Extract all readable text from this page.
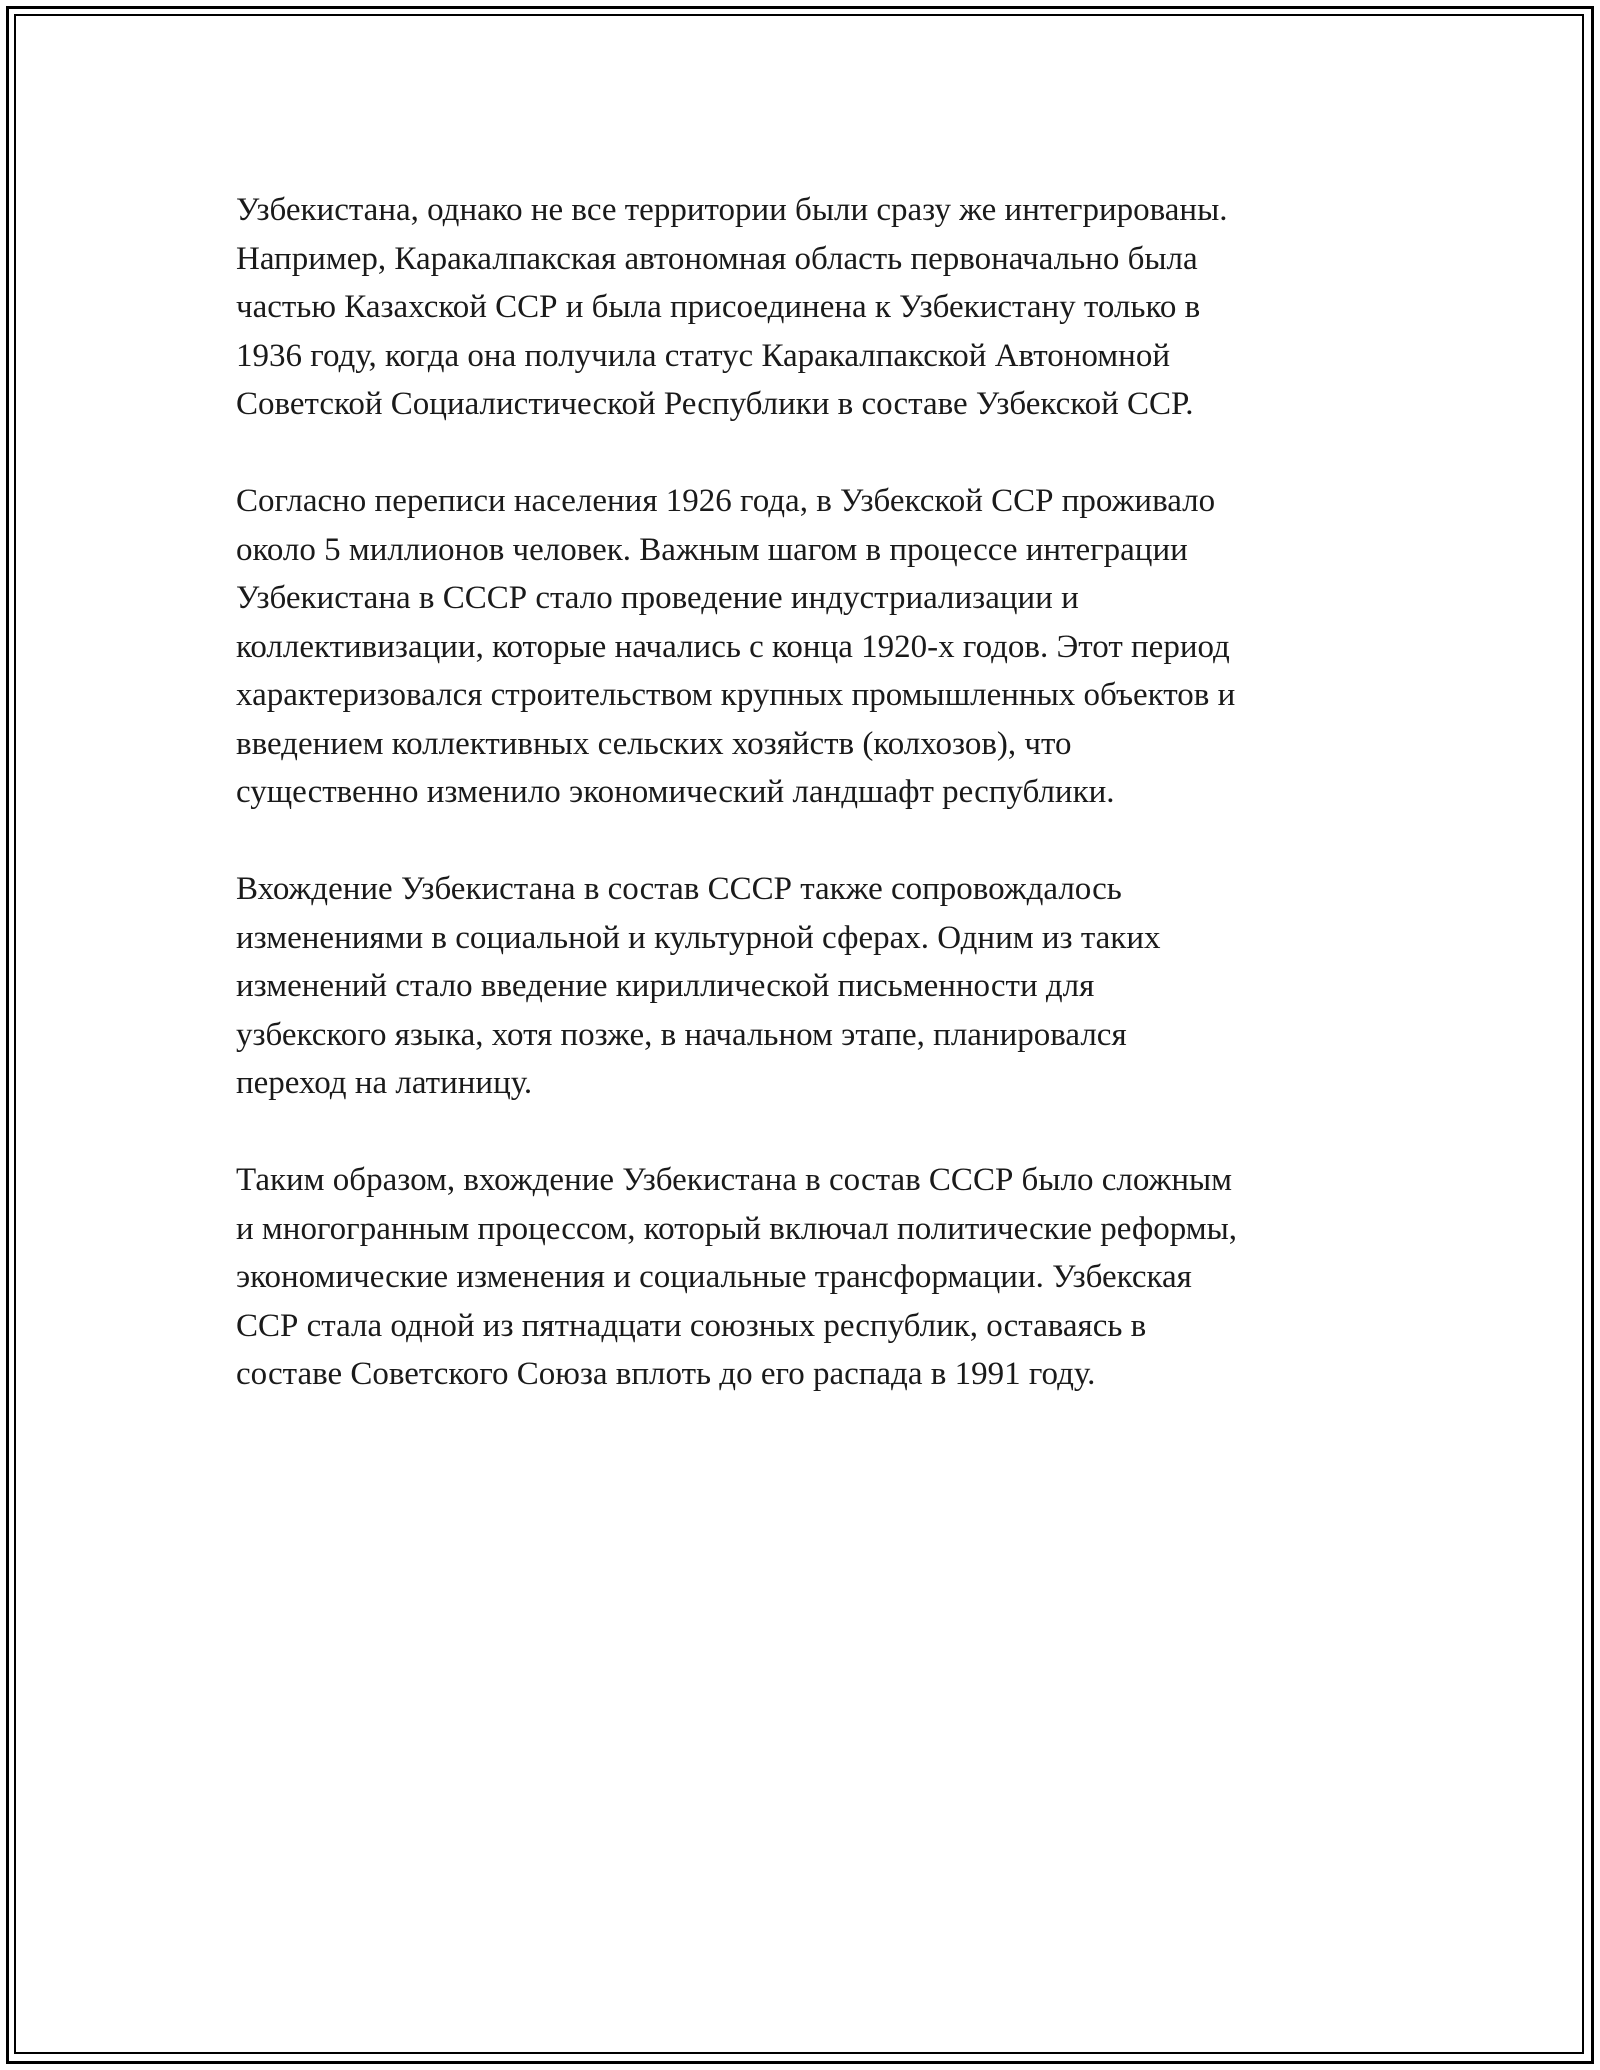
Узбекистана, однако не все территории были сразу же интегрированы.
Например, Каракалпакская автономная область первоначально была
частью Казахской ССР и была присоединена к Узбекистану только в
1936 году, когда она получила статус Каракалпакской Автономной
Советской Социалистической Республики в составе Узбекской ССР.

Согласно переписи населения 1926 года, в Узбекской ССР проживало
около 5 миллионов человек. Важным шагом в процессе интеграции
Узбекистана в СССР стало проведение индустриализации и
коллективизации, которые начались с конца 1920-х годов. Этот период
характеризовался строительством крупных промышленных объектов и
введением коллективных сельских хозяйств (колхозов), что
существенно изменило экономический ландшафт республики.

Вхождение Узбекистана в состав СССР также сопровождалось
изменениями в социальной и культурной сферах. Одним из таких
изменений стало введение кириллической письменности для
узбекского языка, хотя позже, в начальном этапе, планировался
переход на латиницу.

Таким образом, вхождение Узбекистана в состав СССР было сложным
и многогранным процессом, который включал политические реформы,
экономические изменения и социальные трансформации. Узбекская
ССР стала одной из пятнадцати союзных республик, оставаясь в
составе Советского Союза вплоть до его распада в 1991 году.
